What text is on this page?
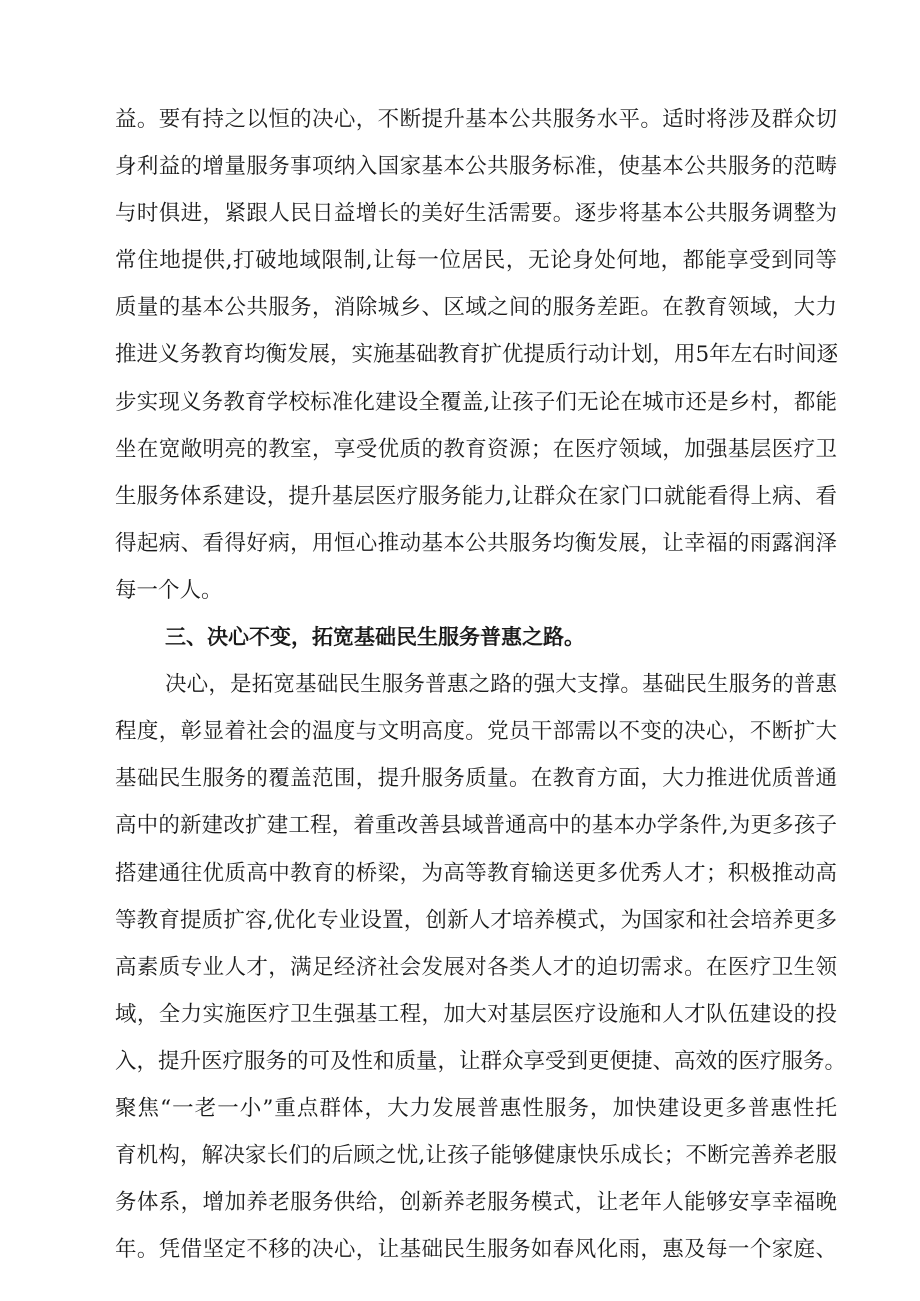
益。要有持之以恒的决心，不断提升基本公共服务水平。适时将涉及群众切
身利益的增量服务事项纳入国家基本公共服务标准，使基本公共服务的范畴
与时俱进，紧跟人民日益增长的美好生活需要。逐步将基本公共服务调整为
常住地提供,打破地域限制,让每一位居民，无论身处何地，都能享受到同等
质量的基本公共服务，消除城乡、区域之间的服务差距。在教育领域，大力
推进义务教育均衡发展，实施基础教育扩优提质行动计划，用5年左右时间逐
步实现义务教育学校标准化建设全覆盖,让孩子们无论在城市还是乡村，都能
坐在宽敞明亮的教室，享受优质的教育资源；在医疗领域，加强基层医疗卫
生服务体系建设，提升基层医疗服务能力,让群众在家门口就能看得上病、看
得起病、看得好病，用恒心推动基本公共服务均衡发展，让幸福的雨露润泽
每一个人。
三、决心不变，拓宽基础民生服务普惠之路。
决心，是拓宽基础民生服务普惠之路的强大支撑。基础民生服务的普惠
程度，彰显着社会的温度与文明高度。党员干部需以不变的决心，不断扩大
基础民生服务的覆盖范围，提升服务质量。在教育方面，大力推进优质普通
高中的新建改扩建工程，着重改善县域普通高中的基本办学条件,为更多孩子
搭建通往优质高中教育的桥梁，为高等教育输送更多优秀人才；积极推动高
等教育提质扩容,优化专业设置，创新人才培养模式，为国家和社会培养更多
高素质专业人才，满足经济社会发展对各类人才的迫切需求。在医疗卫生领
域，全力实施医疗卫生强基工程，加大对基层医疗设施和人才队伍建设的投
入，提升医疗服务的可及性和质量，让群众享受到更便捷、高效的医疗服务。
聚焦“一老一小”重点群体，大力发展普惠性服务，加快建设更多普惠性托
育机构，解决家长们的后顾之忧,让孩子能够健康快乐成长；不断完善养老服
务体系，增加养老服务供给，创新养老服务模式，让老年人能够安享幸福晚
年。凭借坚定不移的决心，让基础民生服务如春风化雨，惠及每一个家庭、
